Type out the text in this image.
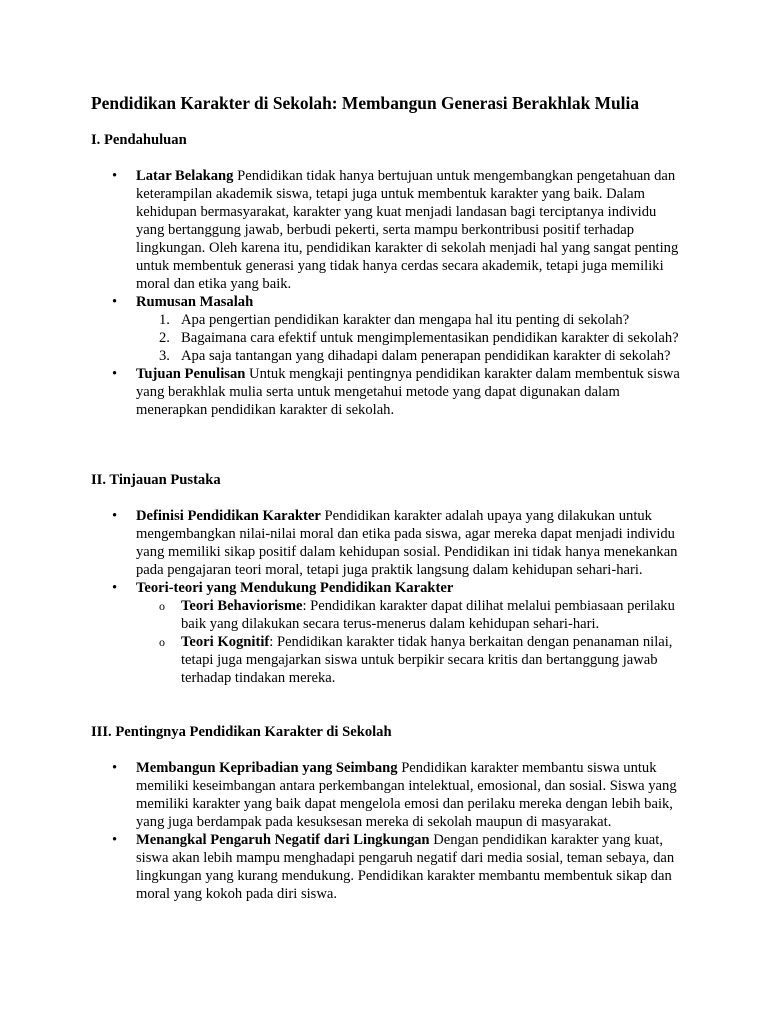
Pendidikan Karakter di Sekolah: Membangun Generasi Berakhlak Mulia
I. Pendahuluan
• Latar Belakang Pendidikan tidak hanya bertujuan untuk mengembangkan pengetahuan dan keterampilan akademik siswa, tetapi juga untuk membentuk karakter yang baik. Dalam kehidupan bermasyarakat, karakter yang kuat menjadi landasan bagi terciptanya individu yang bertanggung jawab, berbudi pekerti, serta mampu berkontribusi positif terhadap lingkungan. Oleh karena itu, pendidikan karakter di sekolah menjadi hal yang sangat penting untuk membentuk generasi yang tidak hanya cerdas secara akademik, tetapi juga memiliki moral dan etika yang baik.
• Rumusan Masalah
1. Apa pengertian pendidikan karakter dan mengapa hal itu penting di sekolah?
2. Bagaimana cara efektif untuk mengimplementasikan pendidikan karakter di sekolah?
3. Apa saja tantangan yang dihadapi dalam penerapan pendidikan karakter di sekolah?
• Tujuan Penulisan Untuk mengkaji pentingnya pendidikan karakter dalam membentuk siswa yang berakhlak mulia serta untuk mengetahui metode yang dapat digunakan dalam menerapkan pendidikan karakter di sekolah.
II. Tinjauan Pustaka
• Definisi Pendidikan Karakter Pendidikan karakter adalah upaya yang dilakukan untuk mengembangkan nilai-nilai moral dan etika pada siswa, agar mereka dapat menjadi individu yang memiliki sikap positif dalam kehidupan sosial. Pendidikan ini tidak hanya menekankan pada pengajaran teori moral, tetapi juga praktik langsung dalam kehidupan sehari-hari.
• Teori-teori yang Mendukung Pendidikan Karakter
o Teori Behaviorisme: Pendidikan karakter dapat dilihat melalui pembiasaan perilaku baik yang dilakukan secara terus-menerus dalam kehidupan sehari-hari.
o Teori Kognitif: Pendidikan karakter tidak hanya berkaitan dengan penanaman nilai, tetapi juga mengajarkan siswa untuk berpikir secara kritis dan bertanggung jawab terhadap tindakan mereka.
III. Pentingnya Pendidikan Karakter di Sekolah
• Membangun Kepribadian yang Seimbang Pendidikan karakter membantu siswa untuk memiliki keseimbangan antara perkembangan intelektual, emosional, dan sosial. Siswa yang memiliki karakter yang baik dapat mengelola emosi dan perilaku mereka dengan lebih baik, yang juga berdampak pada kesuksesan mereka di sekolah maupun di masyarakat.
• Menangkal Pengaruh Negatif dari Lingkungan Dengan pendidikan karakter yang kuat, siswa akan lebih mampu menghadapi pengaruh negatif dari media sosial, teman sebaya, dan lingkungan yang kurang mendukung. Pendidikan karakter membantu membentuk sikap dan moral yang kokoh pada diri siswa.
